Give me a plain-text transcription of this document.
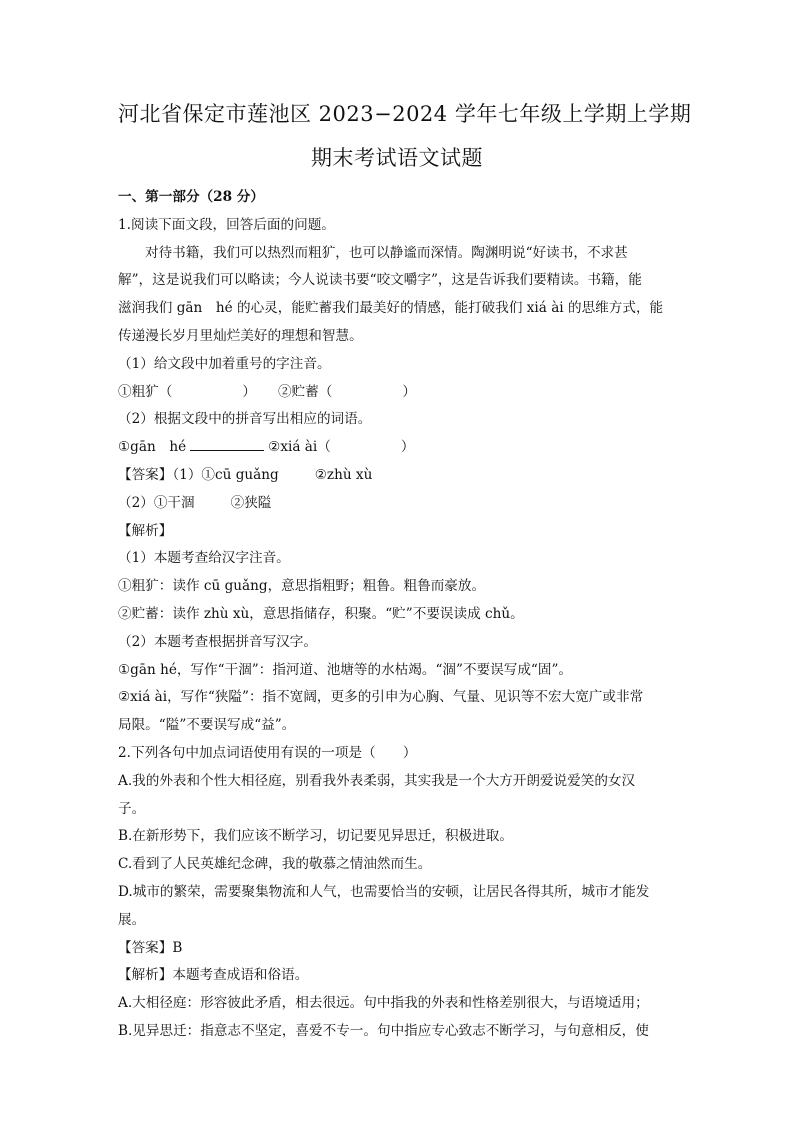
河北省保定市莲池区 2023−2024 学年七年级上学期上学期
期末考试语文试题

一、第一部分（28 分）

1.阅读下面文段，回答后面的问题。

对待书籍，我们可以热烈而粗犷，也可以静谧而深情。陶渊明说“好读书，不求甚

解”，这是说我们可以略读；今人说读书要“咬文嚼字”，这是告诉我们要精读。书籍，能

滋润我们 gān　hé 的心灵，能贮蓄我们最美好的情感，能打破我们 xiá ài 的思维方式，能

传递漫长岁月里灿烂美好的理想和智慧。

（1）给文段中加着重号的字注音。

①粗犷（	） ②贮蓄（	）

（2）根据文段中的拼音写出相应的词语。

①gān　hé	②xiá ài（	）

【答案】（1）①cū guǎng	②zhù xù

（2）①干涸	②狭隘

【解析】

（1）本题考查给汉字注音。

①粗犷：读作 cū guǎng，意思指粗野；粗鲁。粗鲁而豪放。

②贮蓄：读作 zhù xù，意思指储存，积聚。“贮”不要误读成 chǔ。

（2）本题考查根据拼音写汉字。

①gān hé，写作“干涸”：指河道、池塘等的水枯竭。“涸”不要误写成“固”。

②xiá ài，写作“狭隘”：指不宽阔，更多的引申为心胸、气量、见识等不宏大宽广或非常

局限。“隘”不要误写成“益”。

2.下列各句中加点词语使用有误的一项是（　　）

A.我的外表和个性大相径庭，别看我外表柔弱，其实我是一个大方开朗爱说爱笑的女汉

子。

B.在新形势下，我们应该不断学习，切记要见异思迁，积极进取。

C.看到了人民英雄纪念碑，我的敬慕之情油然而生。

D.城市的繁荣，需要聚集物流和人气，也需要恰当的安顿，让居民各得其所，城市才能发

展。

【答案】B

【解析】本题考查成语和俗语。

A.大相径庭：形容彼此矛盾，相去很远。句中指我的外表和性格差别很大，与语境适用；

B.见异思迁：指意志不坚定，喜爱不专一。句中指应专心致志不断学习，与句意相反，使
